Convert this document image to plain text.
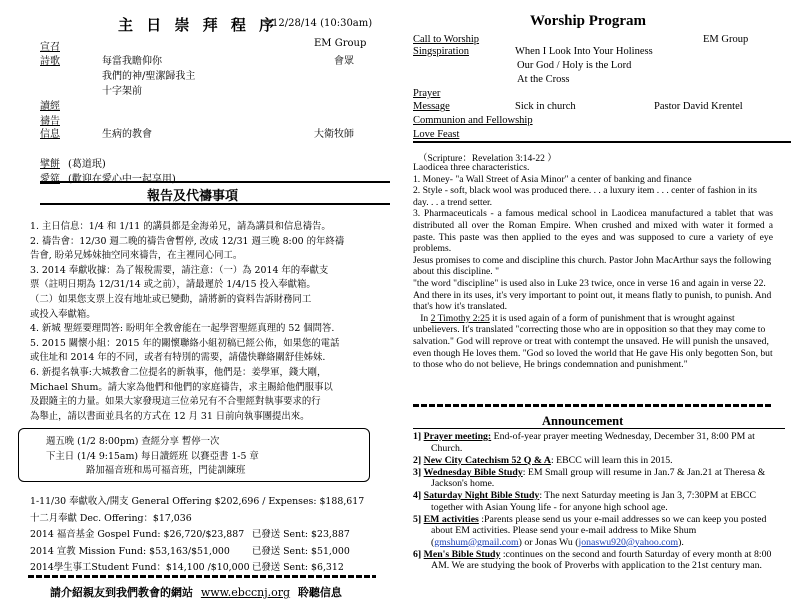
主 日 崇 拜 程 序
12/28/14 (10:30am)
宣召	EM Group
詩歌	每當我瞻仰你	會眾
我們的神/聖潔歸我主
十字架前
讀經
禱告
信息	生病的教會	大衛牧師
擘餅 (葛道珉)
愛筵 (歡迎在愛心中一起享用)
報告及代禱事項
1. 主日信息：1/4 和 1/11 的講員都是金海弟兄，請為講員和信息禱告。
2. 禱告會：12/30 週二晚的禱告會暫停, 改成 12/31 週三晚 8:00 的年終禱
告會, 盼弟兄姊妹抽空同來禱告，在主裡同心同工。
3. 2014 奉獻收據：為了報稅需要，請注意：（一）為 2014 年的奉獻支
票（註明日期為 12/31/14 或之前），請最遲於 1/4/15 投入奉獻箱。
（二）如果您支票上沒有地址或已變動，請將新的資料告訴財務同工
或投入奉獻箱。
4. 新城 聖經要理問答: 盼明年全教會能在一起學習聖經真理的 52 個問答.
5. 2015 關懷小組：2015 年的關懷聯絡小組初稿已經公佈，如果您的電話
或住址和 2014 年的不同，或者有特別的需要，請儘快聯絡關舒佳姊妹.
6. 新提名執事:大城教會二位提名的新執事，他們是：姜學軍，錢大剛，
Michael Shum。請大家為他們和他們的家庭禱告，求主賜給他們服事以
及跟隨主的力量。如果大家發現這三位弟兄有不合聖經對執事要求的行
為舉止，請以書面並具名的方式在 12 月 31 日前向執事團提出來。
週五晚 (1/2 8:00pm) 查經分享 暫停一次
下主日 (1/4 9:15am) 每日讀經班 以賽亞書 1-5 章
路加福音班和馬可福音班，門徒訓練班
1-11/30 奉獻收入/開支 General Offering $202,696 / Expenses: $188,617
十二月奉獻 Dec. Offering：$17,036
2014 福音基金 Gospel Fund: $26,720/$23,887 已發送 Sent: $23,887
2014 宣教 Mission Fund: $53,163/$51,000 已發送 Sent: $51,000
2014學生事工Student Fund：$14,100 /$10,000 已發送 Sent: $6,312
請介紹親友到我們教會的網站 www.ebccnj.org 聆聽信息
Worship Program
Call to Worship	EM Group
Singspiration	When I Look Into Your Holiness
Our God / Holy is the Lord
At the Cross
Prayer
Message	Sick in church	Pastor David Krentel
Communion and Fellowship
Love Feast
（Scripture：Revelation 3:14-22 ）
Laodicea three characteristics.
1. Money- "a Wall Street of Asia Minor" a center of banking and finance
2. Style - soft, black wool was produced there. . . a luxury item . . . center of fashion in its day. . . a trend setter.
3. Pharmaceuticals - a famous medical school in Laodicea manufactured a tablet that was distributed all over the Roman Empire. When crushed and mixed with water it formed a paste. This paste was then applied to the eyes and was supposed to cure a variety of eye problems.
Jesus promises to come and discipline this church. Pastor John MacArthur says the following about this discipline. "
"the word "discipline" is used also in Luke 23 twice, once in verse 16 and again in verse 22. And there in its uses, it's very important to point out, it means flatly to punish, to punish. And that's how it's translated.
In 2 Timothy 2:25 it is used again of a form of punishment that is wrought against unbelievers. It's translated "correcting those who are in opposition so that they may come to salvation." God will reprove or treat with contempt the unsaved. He will punish the unsaved, even though He loves them. "God so loved the world that He gave His only begotten Son, but to those who do not believe, He brings condemnation and punishment."
Announcement
1] Prayer meeting: End-of-year prayer meeting Wednesday, December 31, 8:00 PM at Church.
2] New City Catechism 52 Q & A: EBCC will learn this in 2015.
3] Wednesday Bible Study: EM Small group will resume in Jan.7 & Jan.21 at Theresa & Jackson's home.
4] Saturday Night Bible Study: The next Saturday meeting is Jan 3, 7:30PM at EBCC together with Asian Young life - for anyone high school age.
5] EM activities :Parents please send us your e-mail addresses so we can keep you posted about EM activities. Please send your e-mail address to Mike Shum (gmshum@gmail.com) or Jonas Wu (jonaswu920@yahoo.com).
6] Men's Bible Study :continues on the second and fourth Saturday of every month at 8:00 AM. We are studying the book of Proverbs with application to the 21st century man.
